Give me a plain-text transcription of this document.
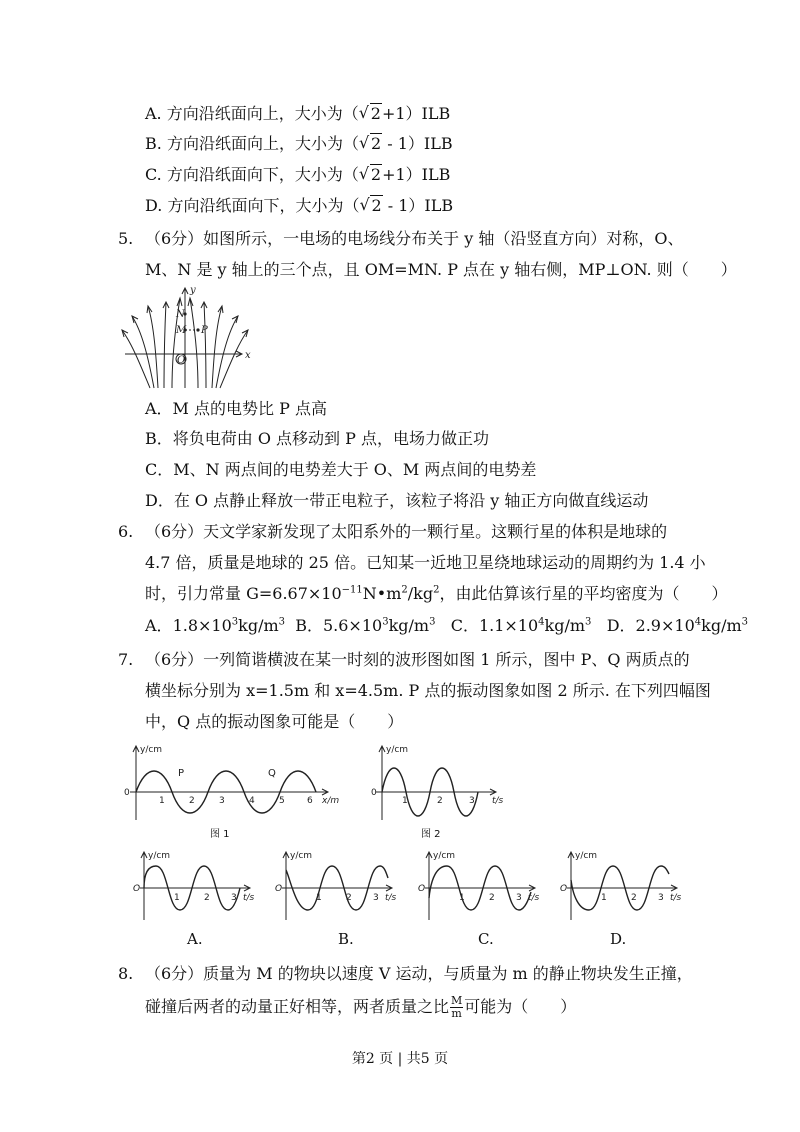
A. 方向沿纸面向上，大小为（ √ 2+1）ILB
B. 方向沿纸面向上，大小为（ √ 2 - 1）ILB
C. 方向沿纸面向下，大小为（ √ 2+1）ILB
D. 方向沿纸面向下，大小为（ √ 2 - 1）ILB
5. （6分）如图所示，一电场的电场线分布关于 y 轴（沿竖直方向）对称，O、
M、N 是 y 轴上的三个点，且 OM=MN. P 点在 y 轴右侧，MP⊥ON. 则（　　）
y
x
N
M P
O
A．M 点的电势比 P 点高
B．将负电荷由 O 点移动到 P 点，电场力做正功
C．M、N 两点间的电势差大于 O、M 两点间的电势差
D．在 O 点静止释放一带正电粒子，该粒子将沿 y 轴正方向做直线运动
6. （6分）天文学家新发现了太阳系外的一颗行星。这颗行星的体积是地球的
4.7 倍，质量是地球的 25 倍。已知某一近地卫星绕地球运动的周期约为 1.4 小
时，引力常量 $G=6.67\times 10^{-11}N•m^2/kg^2$，由此估算该行星的平均密度为（　　）
A．$1.8\times 10^3kg/m^3$ B．$5.6\times 10^3kg/m^3$ C．$1.1\times 10^4kg/m^3$ D．$2.9\times 10^4kg/m^3$
7. （6分）一列简谐横波在某一时刻的波形图如图 1 所示，图中 P、Q 两质点的
横坐标分别为 x=1.5m 和 x=4.5m. P 点的振动图象如图 2 所示. 在下列四幅图
中，Q 点的振动图象可能是（　　）
y/cm
x/m
0
1	2	3	4	5 6
P	Q
图 1
y/cm
t/s
0
1	2	3
图 2
y/cm
O
t/s
1	2 3
y/cm
O
t/s
1	2 3
y/cm
O
t/s
1	2 3
y/cm
O
t/s
1	2 3
A.	B.	C.	D.
8. （6分）质量为 M 的物块以速度 V 运动，与质量为 m 的静止物块发生正撞，
碰撞后两者的动量正好相等，两者质量之比 $\frac{M}{m}$ 可能为（　　）
第2 页 | 共5 页
